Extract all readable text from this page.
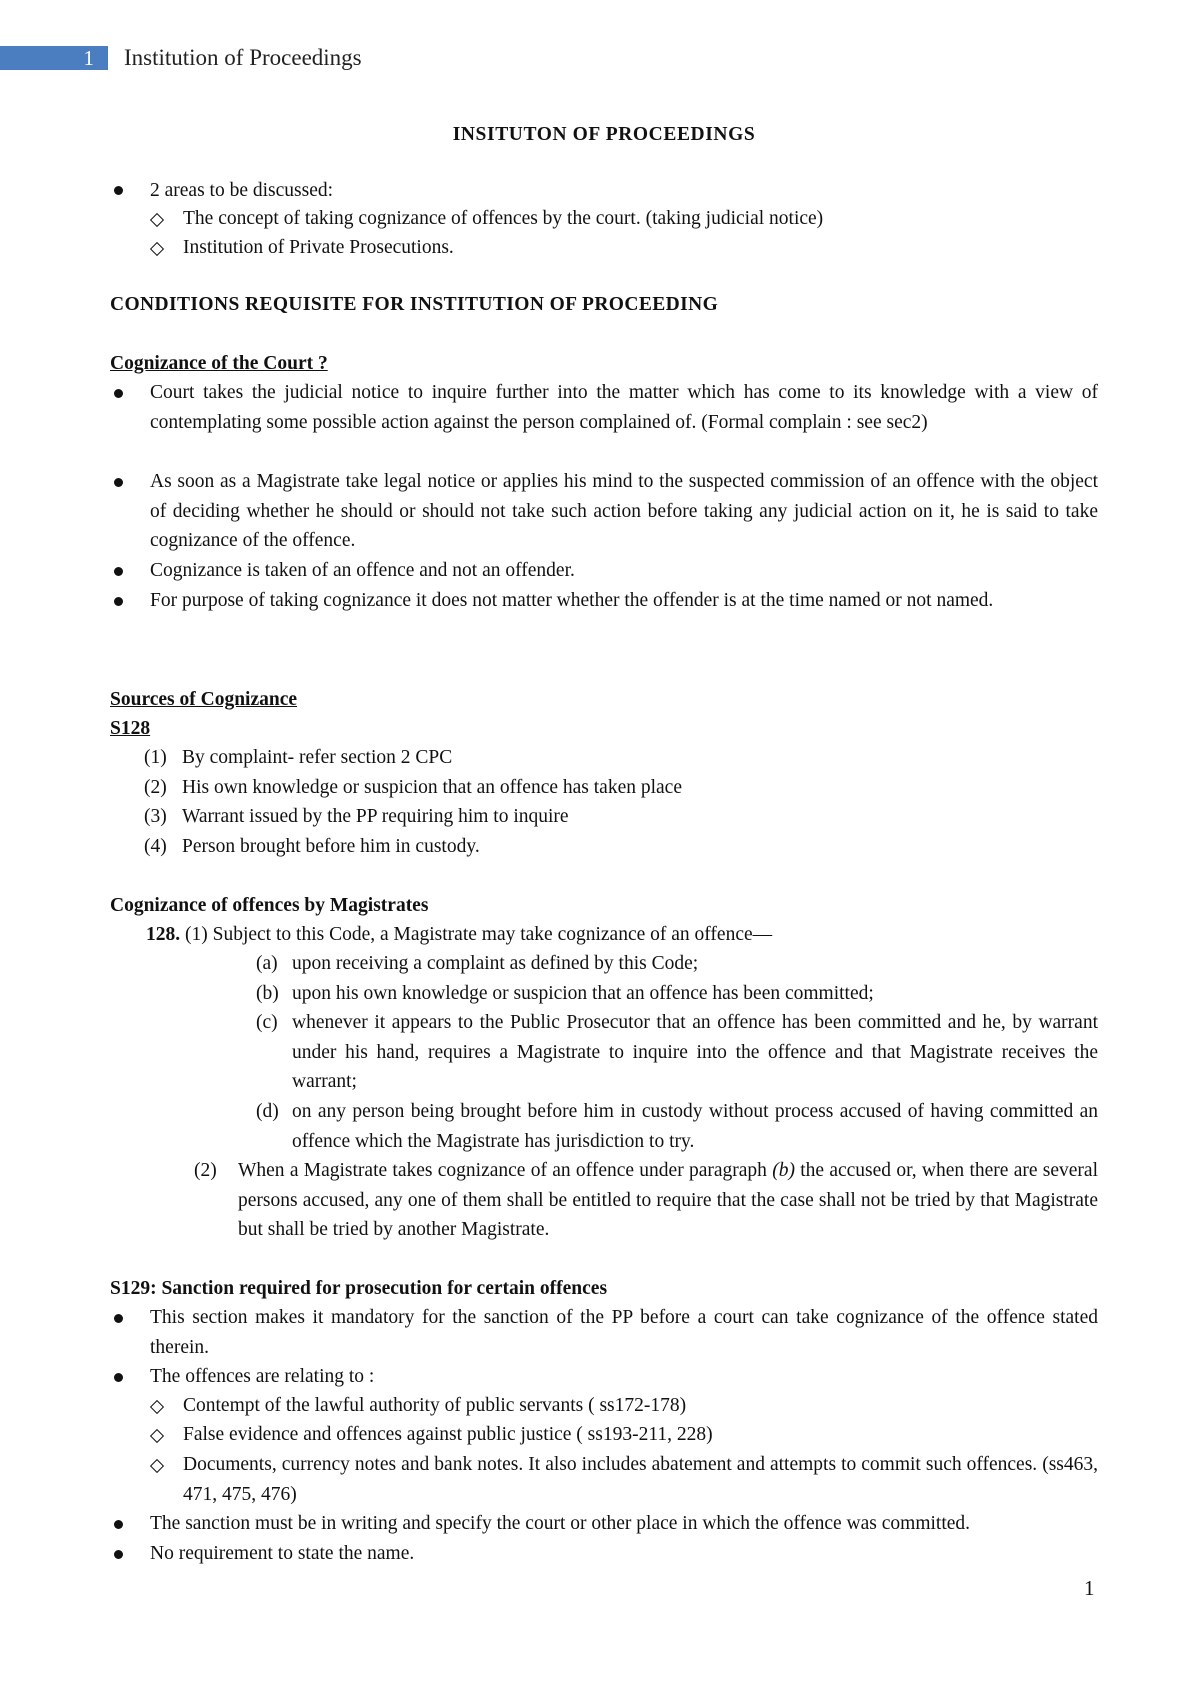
1	Institution of Proceedings
INSITUTON OF PROCEEDINGS
2 areas to be discussed:
The concept of taking cognizance of offences by the court. (taking judicial notice)
Institution of Private Prosecutions.
CONDITIONS REQUISITE FOR INSTITUTION OF PROCEEDING
Cognizance of the Court ?
Court takes the judicial notice to inquire further into the matter which has come to its knowledge with a view of contemplating some possible action against the person complained of. (Formal complain : see sec2)
As soon as a Magistrate take legal notice or applies his mind to the suspected commission of an offence with the object of deciding whether he should or should not take such action before taking any judicial action on it, he is said to take cognizance of the offence.
Cognizance is taken of an offence and not an offender.
For purpose of taking cognizance it does not matter whether the offender is at the time named or not named.
Sources of Cognizance
S128
(1) By complaint- refer section 2 CPC
(2) His own knowledge or suspicion that an offence has taken place
(3) Warrant issued by the PP requiring him to inquire
(4) Person brought before him in custody.
Cognizance of offences by Magistrates
128. (1) Subject to this Code, a Magistrate may take cognizance of an offence—
(a) upon receiving a complaint as defined by this Code;
(b) upon his own knowledge or suspicion that an offence has been committed;
(c) whenever it appears to the Public Prosecutor that an offence has been committed and he, by warrant under his hand, requires a Magistrate to inquire into the offence and that Magistrate receives the warrant;
(d) on any person being brought before him in custody without process accused of having committed an offence which the Magistrate has jurisdiction to try.
(2) When a Magistrate takes cognizance of an offence under paragraph (b) the accused or, when there are several persons accused, any one of them shall be entitled to require that the case shall not be tried by that Magistrate but shall be tried by another Magistrate.
S129: Sanction required for prosecution for certain offences
This section makes it mandatory for the sanction of the PP before a court can take cognizance of the offence stated therein.
The offences are relating to :
Contempt of the lawful authority of public servants ( ss172-178)
False evidence and offences against public justice ( ss193-211, 228)
Documents, currency notes and bank notes. It also includes abatement and attempts to commit such offences. (ss463, 471, 475, 476)
The sanction must be in writing and specify the court or other place in which the offence was committed.
No requirement to state the name.
1
